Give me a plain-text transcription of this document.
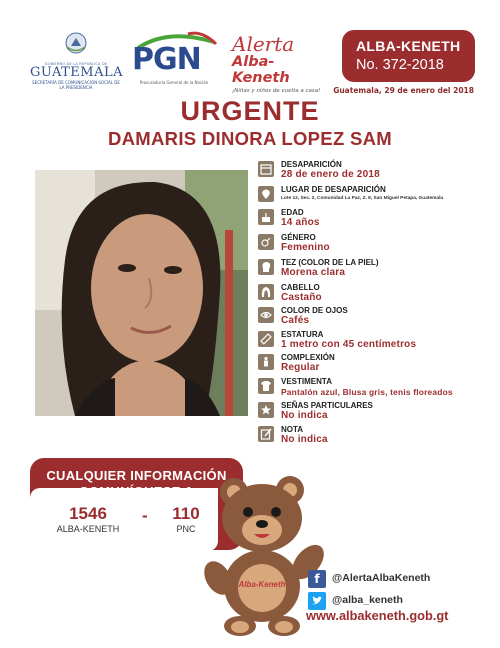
GOBIERNO DE LA REPÚBLICA DE
GUATEMALA
SECRETARÍA DE COMUNICACIÓN SOCIAL DE LA PRESIDENCIA
PGN
Procuraduría General de la Nación
Alerta
Alba-Keneth
¡Niñas y niños de vuelta a casa!
ALBA-KENETH
No. 372-2018
Guatemala, 29 de enero del 2018
URGENTE
DAMARIS DINORA LOPEZ SAM
DESAPARICIÓN
28 de enero de 2018
LUGAR DE DESAPARICIÓN
Lote 12, Sec. 2, Comunidad La Paz, Z. 8, San Miguel Petapa, Guatemala
EDAD
14 años
GÉNERO
Femenino
TEZ (COLOR DE LA PIEL)
Morena clara
CABELLO
Castaño
COLOR DE OJOS
Cafés
ESTATURA
1 metro con 45 centímetros
COMPLEXIÓN
Regular
VESTIMENTA
Pantalón azul, Blusa gris, tenis floreados
SEÑAS PARTICULARES
No indica
NOTA
No indica
CUALQUIER INFORMACIÓN
1546
ALBA-KENETH
-	110
PNC
Alba-Keneth	f	@AlertaAlbaKeneth
@alba_keneth
www.albakeneth.gob.gt
